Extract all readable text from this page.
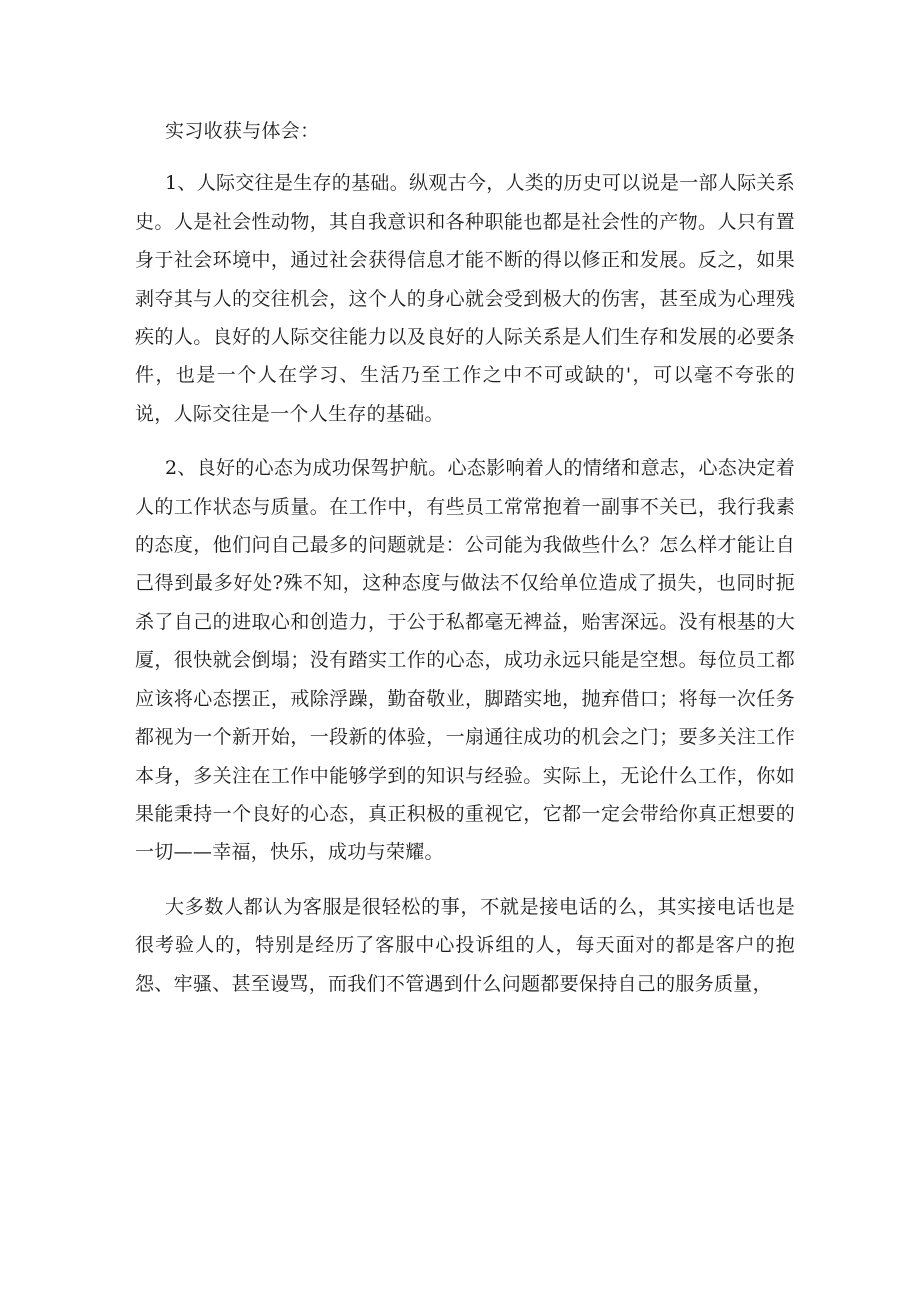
实习收获与体会：

1、人际交往是生存的基础。纵观古今，人类的历史可以说是一部人际关系史。人是社会性动物，其自我意识和各种职能也都是社会性的产物。人只有置身于社会环境中，通过社会获得信息才能不断的得以修正和发展。反之，如果剥夺其与人的交往机会，这个人的身心就会受到极大的伤害，甚至成为心理残疾的人。良好的人际交往能力以及良好的人际关系是人们生存和发展的必要条件，也是一个人在学习、生活乃至工作之中不可或缺的'，可以毫不夸张的说，人际交往是一个人生存的基础。

2、良好的心态为成功保驾护航。心态影响着人的情绪和意志，心态决定着人的工作状态与质量。在工作中，有些员工常常抱着一副事不关已，我行我素的态度，他们问自己最多的问题就是：公司能为我做些什么？怎么样才能让自己得到最多好处?殊不知，这种态度与做法不仅给单位造成了损失，也同时扼杀了自己的进取心和创造力，于公于私都毫无裨益，贻害深远。没有根基的大厦，很快就会倒塌；没有踏实工作的心态，成功永远只能是空想。每位员工都应该将心态摆正，戒除浮躁，勤奋敬业，脚踏实地，抛弃借口；将每一次任务都视为一个新开始，一段新的体验，一扇通往成功的机会之门；要多关注工作本身，多关注在工作中能够学到的知识与经验。实际上，无论什么工作，你如果能秉持一个良好的心态，真正积极的重视它，它都一定会带给你真正想要的一切——幸福，快乐，成功与荣耀。

大多数人都认为客服是很轻松的事，不就是接电话的么，其实接电话也是很考验人的，特别是经历了客服中心投诉组的人，每天面对的都是客户的抱怨、牢骚、甚至谩骂，而我们不管遇到什么问题都要保持自己的服务质量，
